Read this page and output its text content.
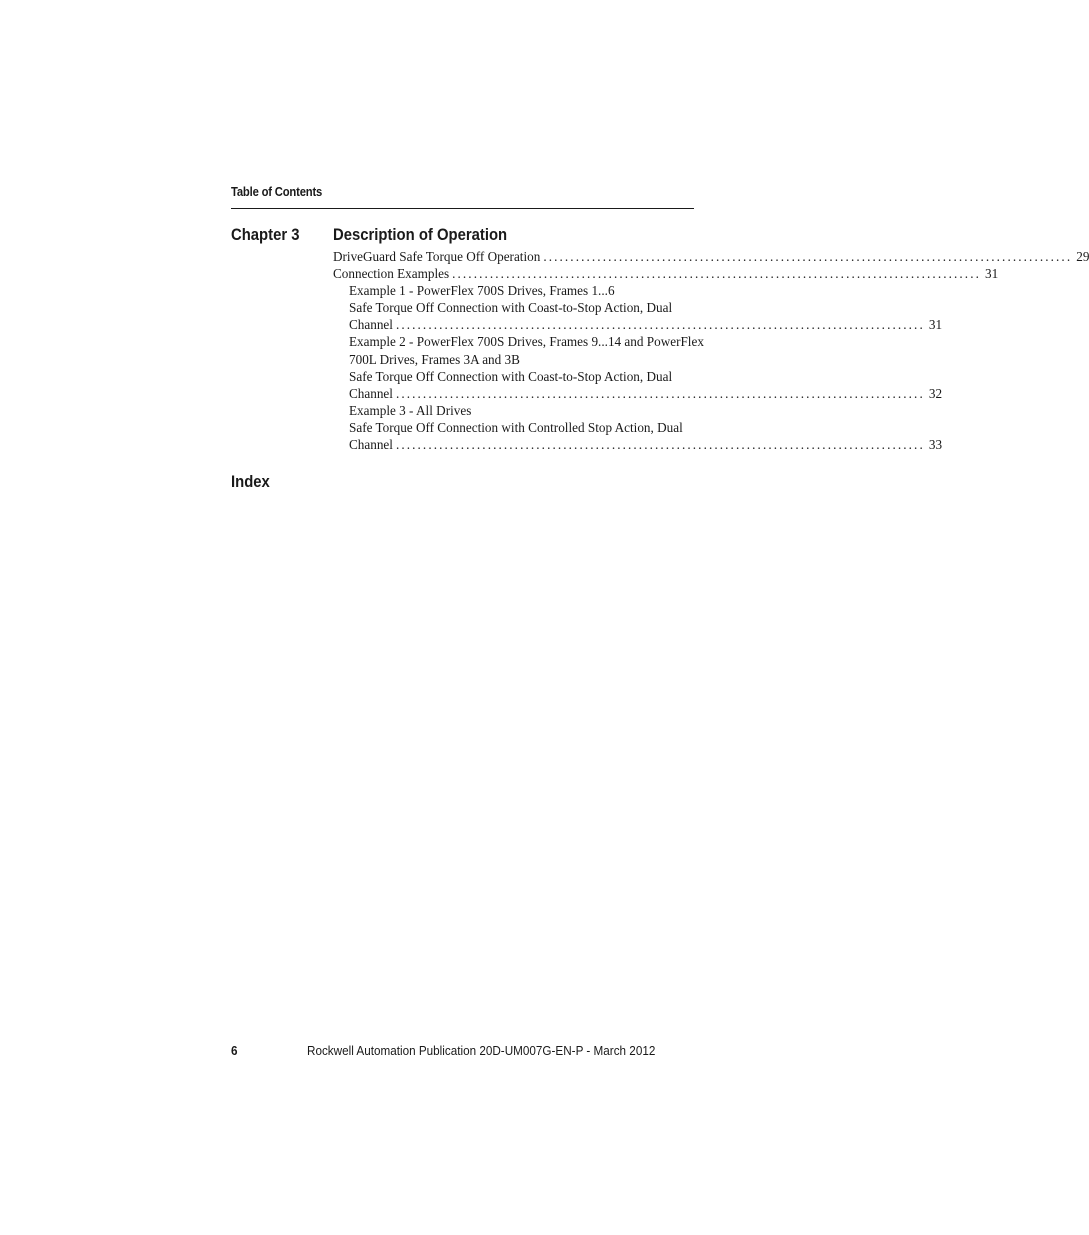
Table of Contents
Chapter 3 Description of Operation
DriveGuard Safe Torque Off Operation .................................................................................................. 29
Connection Examples .................................................................................................. 31
Example 1 - PowerFlex 700S Drives, Frames 1...6
Safe Torque Off Connection with Coast-to-Stop Action, Dual
Channel .................................................................................................. 31
Example 2 - PowerFlex 700S Drives, Frames 9...14 and PowerFlex
700L Drives, Frames 3A and 3B
Safe Torque Off Connection with Coast-to-Stop Action, Dual
Channel .................................................................................................. 32
Example 3 - All Drives
Safe Torque Off Connection with Controlled Stop Action, Dual
Channel .................................................................................................. 33
Index
6	Rockwell Automation Publication 20D-UM007G-EN-P - March 2012
